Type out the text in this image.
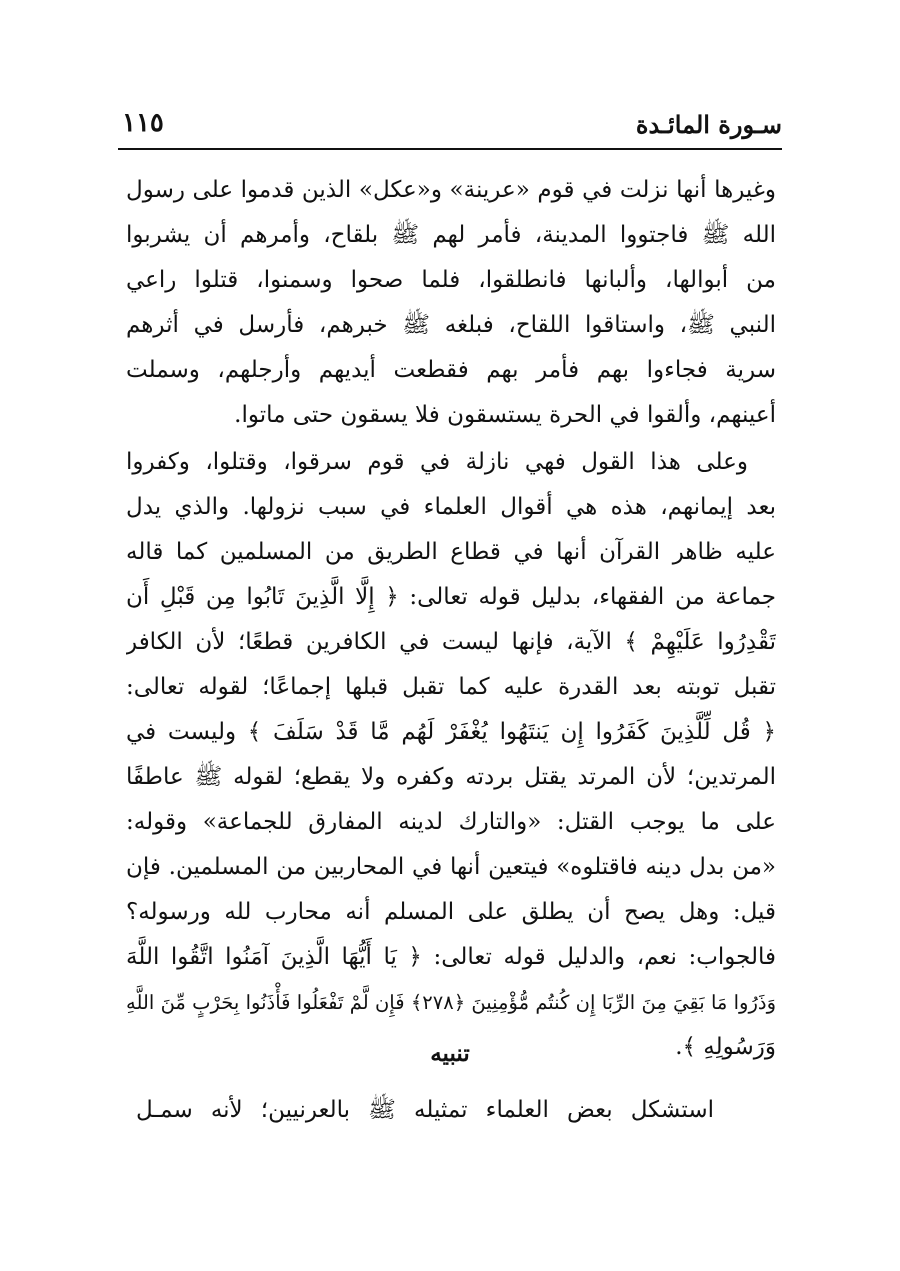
١١٥	سـورة المائـدة
وغيرها أنها نزلت في قوم «عرينة» و«عكل» الذين قدموا على رسول
الله ﷺ فاجتووا المدينة، فأمر لهم ﷺ بلقاح، وأمرهم أن يشربوا
من أبوالها، وألبانها فانطلقوا، فلما صحوا وسمنوا، قتلوا راعي
النبي ﷺ، واستاقوا اللقاح، فبلغه ﷺ خبرهم، فأرسل في أثرهم
سرية فجاءوا بهم فأمر بهم فقطعت أيديهم وأرجلهم، وسملت
أعينهم، وألقوا في الحرة يستسقون فلا يسقون حتى ماتوا.
وعلى هذا القول فهي نازلة في قوم سرقوا، وقتلوا، وكفروا
بعد إيمانهم، هذه هي أقوال العلماء في سبب نزولها. والذي يدل
عليه ظاهر القرآن أنها في قطاع الطريق من المسلمين كما قاله
جماعة من الفقهاء، بدليل قوله تعالى: ﴿ إِلَّا الَّذِينَ تَابُوا مِن قَبْلِ أَن
تَقْدِرُوا عَلَيْهِمْ ﴾ الآية، فإنها ليست في الكافرين قطعًا؛ لأن الكافر
تقبل توبته بعد القدرة عليه كما تقبل قبلها إجماعًا؛ لقوله تعالى:
﴿ قُل لِّلَّذِينَ كَفَرُوا إِن يَنتَهُوا يُغْفَرْ لَهُم مَّا قَدْ سَلَفَ ﴾ وليست في
المرتدين؛ لأن المرتد يقتل بردته وكفره ولا يقطع؛ لقوله ﷺ عاطفًا
على ما يوجب القتل: «والتارك لدينه المفارق للجماعة» وقوله:
«من بدل دينه فاقتلوه» فيتعين أنها في المحاربين من المسلمين. فإن
قيل: وهل يصح أن يطلق على المسلم أنه محارب لله ورسوله؟
فالجواب: نعم، والدليل قوله تعالى: ﴿ يَا أَيُّهَا الَّذِينَ آمَنُوا اتَّقُوا اللَّهَ
وَذَرُوا مَا بَقِيَ مِنَ الرِّبَا إِن كُنتُم مُّؤْمِنِينَ ﴿٢٧٨﴾ فَإِن لَّمْ تَفْعَلُوا فَأْذَنُوا بِحَرْبٍ مِّنَ اللَّهِ
وَرَسُولِهِ ﴾.
تنبيه
استشكل بعض العلماء تمثيله ﷺ بالعرنيين؛ لأنه سمـل
